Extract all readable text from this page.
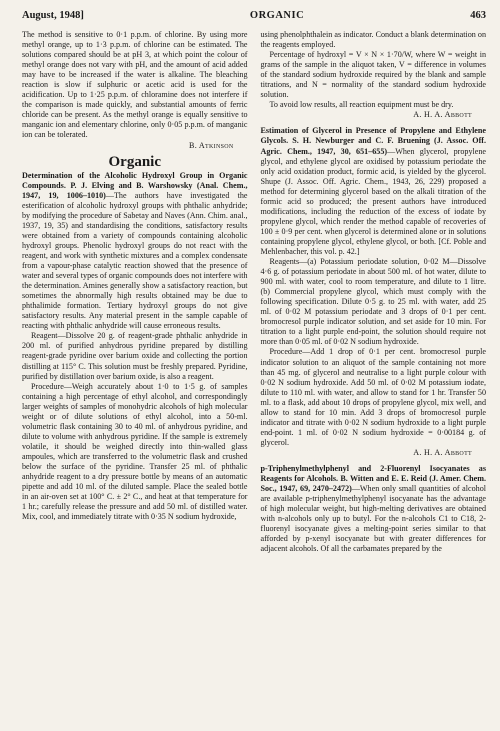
August, 1948]	ORGANIC	463

The method is sensitive to 0·1 p.p.m. of chlorine. By using more methyl orange, up to 1·3 p.p.m. of chlorine can be estimated. The solutions compared should be at pH 3, at which point the colour of methyl orange does not vary with pH, and the amount of acid added may have to be increased if the water is alkaline. The bleaching reaction is slow if sulphuric or acetic acid is used for the acidification. Up to 1·25 p.p.m. of chloramine does not interfere if the comparison is made quickly, and substantial amounts of ferric chloride can be present. As the methyl orange is equally sensitive to manganic ion and elementary chlorine, only 0·05 p.p.m. of manganic ion can be tolerated.

B. Atkinson

Organic

Determination of the Alcoholic Hydroxyl Group in Organic Compounds. P. J. Elving and B. Warshowsky (Anal. Chem., 1947, 19, 1006–1010)—The authors have investigated the esterification of alcoholic hydroxyl groups with phthalic anhydride; by modifying the procedure of Sabetay and Naves (Ann. Chim. anal., 1937, 19, 35) and standardising the conditions, satisfactory results were obtained from a variety of compounds containing alcoholic hydroxyl groups. Phenolic hydroxyl groups do not react with the reagent, and work with synthetic mixtures and a complex condensate from a vapour-phase catalytic reaction showed that the presence of water and several types of organic compounds does not interfere with the determination. Amines generally show a satisfactory reaction, but sometimes the abnormally high results obtained may be due to phthalimide formation. Tertiary hydroxyl groups do not give satisfactory results. Any material present in the sample capable of reacting with phthalic anhydride will cause erroneous results.

Reagent—Dissolve 20 g. of reagent-grade phthalic anhydride in 200 ml. of purified anhydrous pyridine prepared by distilling reagent-grade pyridine over barium oxide and collecting the portion distilling at 115° C. This solution must be freshly prepared. Pyridine, purified by distillation over barium oxide, is also a reagent.

Procedure—Weigh accurately about 1·0 to 1·5 g. of samples containing a high percentage of ethyl alcohol, and correspondingly larger weights of samples of monohydric alcohols of high molecular weight or of dilute solutions of ethyl alcohol, into a 50-ml. volumetric flask containing 30 to 40 ml. of anhydrous pyridine, and dilute to volume with anhydrous pyridine. If the sample is extremely volatile, it should be weighed directly into thin-walled glass ampoules, which are transferred to the volumetric flask and crushed below the surface of the pyridine. Transfer 25 ml. of phthalic anhydride reagent to a dry pressure bottle by means of an automatic pipette and add 10 ml. of the diluted sample. Place the sealed bottle in an air-oven set at 100° C. ± 2° C., and heat at that temperature for 1 hr.; carefully release the pressure and add 50 ml. of distilled water. Mix, cool, and immediately titrate with 0·35 N sodium hydroxide,

using phenolphthalein as indicator. Conduct a blank determination on the reagents employed.

Percentage of hydroxyl = V × N × 1·70/W, where W = weight in grams of the sample in the aliquot taken, V = difference in volumes of the standard sodium hydroxide required by the blank and sample titrations, and N = normality of the standard sodium hydroxide solution.

To avoid low results, all reaction equipment must be dry.

A. H. A. Abbott

Estimation of Glycerol in Presence of Propylene and Ethylene Glycols. S. H. Newburger and C. F. Bruening (J. Assoc. Off. Agric. Chem., 1947, 30, 651–655)—When glycerol, propylene glycol, and ethylene glycol are oxidised by potassium periodate the only acid oxidation product, formic acid, is yielded by the glycerol. Shupe (J. Assoc. Off. Agric. Chem., 1943, 26, 229) proposed a method for determining glycerol based on the alkali titration of the formic acid so produced; the present authors have introduced modifications, including the reduction of the excess of iodate by propylene glycol, which render the method capable of recoveries of 100 ± 0·9 per cent. when glycerol is determined alone or in solutions containing propylene glycol, ethylene glycol, or both. [Cf. Poble and Mehlenbacher, this vol. p. 42.]

Reagents—(a) Potassium periodate solution, 0·02 M—Dissolve 4·6 g. of potassium periodate in about 500 ml. of hot water, dilute to 900 ml. with water, cool to room temperature, and dilute to 1 litre. (b) Commercial propylene glycol, which must comply with the following specification. Dilute 0·5 g. to 25 ml. with water, add 25 ml. of 0·02 M potassium periodate and 3 drops of 0·1 per cent. bromocresol purple indicator solution, and set aside for 10 min. For titration to a light purple end-point, the solution should require not more than 0·05 ml. of 0·02 N sodium hydroxide.

Procedure—Add 1 drop of 0·1 per cent. bromocresol purple indicator solution to an aliquot of the sample containing not more than 45 mg. of glycerol and neutralise to a light purple colour with 0·02 N sodium hydroxide. Add 50 ml. of 0·02 M potassium iodate, dilute to 110 ml. with water, and allow to stand for 1 hr. Transfer 50 ml. to a flask, add about 10 drops of propylene glycol, mix well, and allow to stand for 10 min. Add 3 drops of bromocresol purple indicator and titrate with 0·02 N sodium hydroxide to a light purple end-point. 1 ml. of 0·02 N sodium hydroxide = 0·00184 g. of glycerol.

A. H. A. Abbott

p-Triphenylmethylphenyl and 2-Fluorenyl Isocyanates as Reagents for Alcohols. B. Witten and E. E. Reid (J. Amer. Chem. Soc., 1947, 69, 2470–2472)—When only small quantities of alcohol are available p-triphenylmethylphenyl isocyanate has the advantage of high molecular weight, but high-melting derivatives are obtained with n-alcohols only up to butyl. For the n-alcohols C1 to C18, 2-fluorenyl isocyanate gives a melting-point series similar to that afforded by p-xenyl isocyanate but with greater differences for adjacent alcohols. Of all the carbamates prepared by the
